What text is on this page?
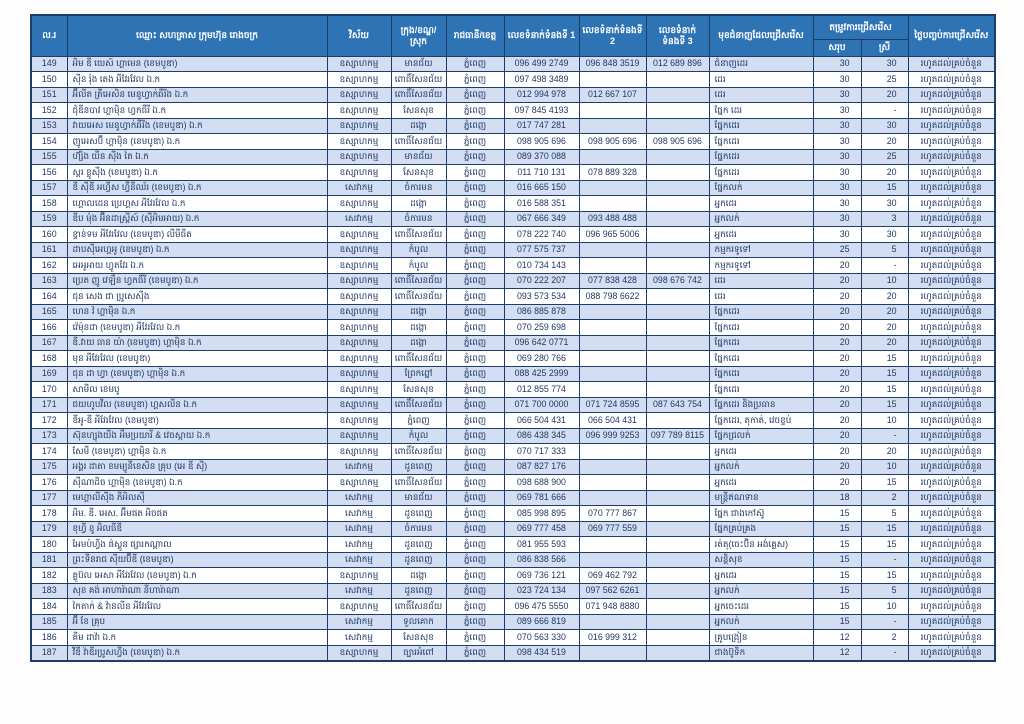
ល.រ	ឈ្មោះ សហគ្រាស ក្រុមហ៊ុន រោងចក្រ	វិស័យ	ក្រុង/ខណ្ឌ/ស្រុក	រាជធានី/ខេត្ត	លេខទំនាក់ទំនងទី 1	លេខទំនាក់ទំនងទី 2	លេខទំនាក់ទំនងទី 3	មុខជំនាញដែលជ្រើសរើស	តម្រូវការជ្រើសរើស		ថ្ងៃបញ្ចប់ការជ្រើសរើស
									សរុប	ស្រី	
149	អិម ឌី យេស៍ ហ្គាមេន (ខេមបូឌា)	ឧស្សាហកម្ម	មានជ័យ	ភ្នំពេញ	096 499 2749	096 848 3519	012 689 896	ជំនាញដេរ	30	30	រហូតដល់គ្រប់ចំនួន
150	ស៊ីន រ៉ុង តេង អីវែរវែល ឯ.ក	ឧស្សាហកម្ម	ពោធិ៍សែនជ័យ	ភ្នំពេញ	097 498 3489			ដេរ	30	25	រហូតដល់គ្រប់ចំនួន
151	អ៊ីលីត ត្រីអេសិន មេនូហ្វាក់ឆឺរីង ឯ.ក	ឧស្សាហកម្ម	ពោធិ៍សែនជ័យ	ភ្នំពេញ	012 994 978	012 667 107		ដេរ	30	20	រហូតដល់គ្រប់ចំនួន
152	ជុំឌីនបាវ ហ្គាម៉ិន ហ្វកធឺរី ឯ.ក	ឧស្សាហកម្ម	សែនសុខ	ភ្នំពេញ	097 845 4193			ផ្នែក ដេរ	30	-	រហូតដល់គ្រប់ចំនួន
153	វាយអេស មេនូហ្វាក់ឆឺរីង (ខេមបូឌា) ឯ.ក	ឧស្សាហកម្ម	ដង្កោ	ភ្នំពេញ	017 747 281			ផ្នែកដេរ	30	30	រហូតដល់គ្រប់ចំនួន
154	ញូអេសប៊ី ហ្គាម៉ិន (ខេមបូឌា) ឯ.ក	ឧស្សាហកម្ម	ពោធិ៍សែនជ័យ	ភ្នំពេញ	098 905 696	098 905 696	098 905 696	ផ្នែកដេរ	30	20	រហូតដល់គ្រប់ចំនួន
155	ហ៊្សិង យីន ស៊ីង តៃ ឯ.ក	ឧស្សាហកម្ម	មានជ័យ	ភ្នំពេញ	089 370 088			ផ្នែកដេរ	30	25	រហូតដល់គ្រប់ចំនួន
156	ស្គរ ខ្លូស៊ីង (ខេមបូឌា) ឯ.ក	ឧស្សាហកម្ម	សែនសុខ	ភ្នំពេញ	011 710 131	078 889 328		ផ្នែកដេរ	30	20	រហូតដល់គ្រប់ចំនួន
157	ឌី ស៊ីឌី អហ្វីស ហ្វឺនីឈ័រ (ខេមបូឌា) ឯ.ក	សេវាកម្ម	ចំការមន	ភ្នំពេញ	016 665 150			ផ្នែកលក់	30	15	រហូតដល់គ្រប់ចំនួន
158	ហ្គោលដេន ប្រេហ្គស អីវែរវែល ឯ.ក	ឧស្សាហកម្ម	ដង្កោ	ភ្នំពេញ	016 588 351			អ្នកដេរ	30	30	រហូតដល់គ្រប់ចំនួន
159	ឌីប ម៉ុង អ៊ីនដាស្ត្រីស៍ (ស៊ីអិមអាយ) ឯ.ក	សេវាកម្ម	ចំការមន	ភ្នំពេញ	067 666 349	093 488 488		អ្នកលក់	30	3	រហូតដល់គ្រប់ចំនួន
160	ខ្វាន់ទម អីវែរវែល (ខេមបូឌា) លីមីធីត	ឧស្សាហកម្ម	ពោធិ៍សែនជ័យ	ភ្នំពេញ	078 222 740	096 965 5006		អ្នកដេរ	30	30	រហូតដល់គ្រប់ចំនួន
161	ដាបស៊ីអេហ្គអូ (ខេមបូឌា) ឯ.ក	ឧស្សាហកម្ម	កំបូល	ភ្នំពេញ	077 575 737			កម្មករទូទៅ	25	5	រហូតដល់គ្រប់ចំនួន
162	អេអូអាយ ហ្វូតវែរ ឯ.ក	ឧស្សាហកម្ម	កំបូល	ភ្នំពេញ	010 734 143			កម្មករទូទៅ	20	-	រហូតដល់គ្រប់ចំនួន
163	ប្រេត ញូ វេឡឺន ហ្វកធឺរី (ខេមបូឌា) ឯ.ក	ឧស្សាហកម្ម	ពោធិ៍សែនជ័យ	ភ្នំពេញ	070 222 207	077 838 428	098 676 742	ដេរ	20	10	រហូតដល់គ្រប់ចំនួន
164	ជុន សេង ជា ប្រូសេស៊ីង	ឧស្សាហកម្ម	ពោធិ៍សែនជ័យ	ភ្នំពេញ	093 573 534	088 798 6622		ដេរ	20	20	រហូតដល់គ្រប់ចំនួន
165	ហេន វ៉ ហ្គាម៉ិន ឯ.ក	ឧស្សាហកម្ម	ដង្កោ	ភ្នំពេញ	086 885 878			ផ្នែកដេរ	20	20	រហូតដល់គ្រប់ចំនួន
166	វ៉េម៉ុនដា (ខេមបូឌា) អីវែរវែល ឯ.ក	ឧស្សាហកម្ម	ដង្កោ	ភ្នំពេញ	070 259 698			ផ្នែកដេរ	20	20	រហូតដល់គ្រប់ចំនួន
167	ឌី.វាយ ធាន យ៉ា (ខេមបូឌា) ហ្គាម៉ិន ឯ.ក	ឧស្សាហកម្ម	ដង្កោ	ភ្នំពេញ	096 642 0771			ផ្នែកដេរ	20	20	រហូតដល់គ្រប់ចំនួន
168	មុន អីវែរវែល (ខេមបូឌា)	ឧស្សាហកម្ម	ពោធិ៍សែនជ័យ	ភ្នំពេញ	069 280 766			ផ្នែកដេរ	20	15	រហូតដល់គ្រប់ចំនួន
169	ជុន ដា ហ្វា (ខេមបូឌា) ហ្គាម៉ិន ឯ.ក	ឧស្សាហកម្ម	ព្រែកព្នៅ	ភ្នំពេញ	088 425 2999			ផ្នែកដេរ	20	15	រហូតដល់គ្រប់ចំនួន
170	សាមីល ខេមបូ	ឧស្សាហកម្ម	សែនសុខ	ភ្នំពេញ	012 855 774			ផ្នែកដេរ	20	15	រហូតដល់គ្រប់ចំនួន
171	ជយហូបវីល (ខេមបូឌា) ហ្គសលីន ឯ.ក	ឧស្សាហកម្ម	ពោធិ៍សែនជ័យ	ភ្នំពេញ	071 700 0000	071 724 8595	087 643 754	ផ្នែកដេរ និងប្រធាន	20	15	រហូតដល់គ្រប់ចំនួន
172	ឌីអូ-ឌី អីវែរវែល (ខេមបូឌា)	ឧស្សាហកម្ម	ភ្នំពេញ	ភ្នំពេញ	066 504 431	066 504 431		ផ្នែកដេរ, តុកាត់, វេចខ្ចប់	20	10	រហូតដល់គ្រប់ចំនួន
173	ស៊ុនហ្សុងយីង អឹមប្រយារី & វេចស្កាយ ឯ.ក	ឧស្សាហកម្ម	កំបូល	ភ្នំពេញ	086 438 345	096 999 9253	097 789 8115	ផ្នែកជ្រលក់	20	-	រហូតដល់គ្រប់ចំនួន
174	សែមី (ខេមបូឌា) ហ្គាម៉ិន ឯ.ក	ឧស្សាហកម្ម	ពោធិ៍សែនជ័យ	ភ្នំពេញ	070 717 333			អ្នកដេរ	20	20	រហូតដល់គ្រប់ចំនួន
175	អង្គរ ដាតា ខមម្យូនីខេសិន គ្រុប (អេ ឌី ស៊ី)	សេវាកម្ម	ដូនពេញ	ភ្នំពេញ	087 827 176			អ្នកលក់	20	10	រហូតដល់គ្រប់ចំនួន
176	ស៊ីណាដិច ហ្គាម៉ិន (ខេមបូឌា) ឯ.ក	ឧស្សាហកម្ម	ពោធិ៍សែនជ័យ	ភ្នំពេញ	098 688 900			អ្នកដេរ	20	15	រហូតដល់គ្រប់ចំនួន
177	មេហ្គាលីស៊ីង ភីអិលស៊ី	សេវាកម្ម	មានជ័យ	ភ្នំពេញ	069 781 666			មន្ត្រីឥណទាន	18	2	រហូតដល់គ្រប់ចំនួន
178	អិម. ឌី. អេស. អ៊ីមផត អិចផត	សេវាកម្ម	ដូនពេញ	ភ្នំពេញ	085 998 895	070 777 867		ផ្នែក ជាងកៅស៊ូ	15	5	រហូតដល់គ្រប់ចំនួន
179	ខុហ្វី ខូ អិលធីឌី	សេវាកម្ម	ចំការមន	ភ្នំពេញ	069 777 458	069 777 559		ផ្នែកគ្រប់គ្រង	15	15	រហូតដល់គ្រប់ចំនួន
180	អែមប៉ហ្វីង ផ់ស្គូន ផ្សារកណ្ដាល	សេវាកម្ម	ដូនពេញ	ភ្នំពេញ	081 955 593			រត់តុ(ចេះប៊ិន អង់គ្លេស)	15	15	រហូតដល់គ្រប់ចំនួន
181	ព្រះទីនរាជ ស៊ីយប៊ីឌី (ខេមបូឌា)	សេវាកម្ម	ដូនពេញ	ភ្នំពេញ	086 838 566			សន្តិសុខ	15	-	រហូតដល់គ្រប់ចំនួន
182	គ្លូប៊ល អេសា អីវែរវែល (ខេមបូឌា) ឯ.ក	ឧស្សាហកម្ម	ដង្កោ	ភ្នំពេញ	069 736 121	069 462 792		អ្នកដេរ	15	15	រហូតដល់គ្រប់ចំនួន
183	សុខ គង់ អាហារ៉ាណា នីហារ៉ាណា	សេវាកម្ម	ដូនពេញ	ភ្នំពេញ	023 724 134	097 562 6261		អ្នកលក់	15	5	រហូតដល់គ្រប់ចំនួន
184	កៃតាក់ & វ៉ានលីន អីវែរវែល	ឧស្សាហកម្ម	ពោធិ៍សែនជ័យ	ភ្នំពេញ	096 475 5550	071 948 8880		អ្នកចេះដេរ	15	10	រហូតដល់គ្រប់ចំនួន
185	អ៊ី ខែ គ្រុប	សេវាកម្ម	ទួលគោក	ភ្នំពេញ	089 666 819			អ្នកលក់	15	-	រហូតដល់គ្រប់ចំនួន
186	គីម ដាវ៉ា ឯ.ក	សេវាកម្ម	សែនសុខ	ភ្នំពេញ	070 563 330	016 999 312		គ្រូបង្រៀន	12	2	រហូតដល់គ្រប់ចំនួន
187	វីឌី វ៉ាឌីរប្រូសហ្វីង (ខេមបូឌា) ឯ.ក	ឧស្សាហកម្ម	ច្បារអំពៅ	ភ្នំពេញ	098 434 519			ជាងប៊ូទិក	12	-	រហូតដល់គ្រប់ចំនួន
